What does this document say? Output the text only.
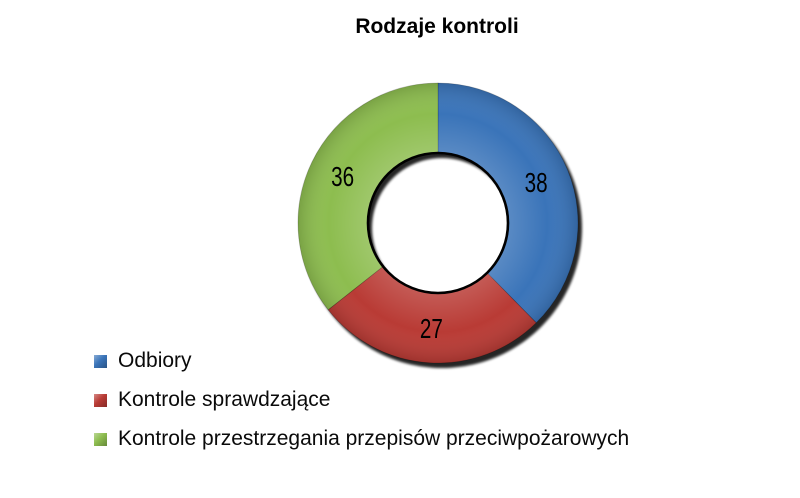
Rodzaje kontroli
38
27
36
Odbiory
Kontrole sprawdzające
Kontrole przestrzegania przepisów przeciwpożarowych
